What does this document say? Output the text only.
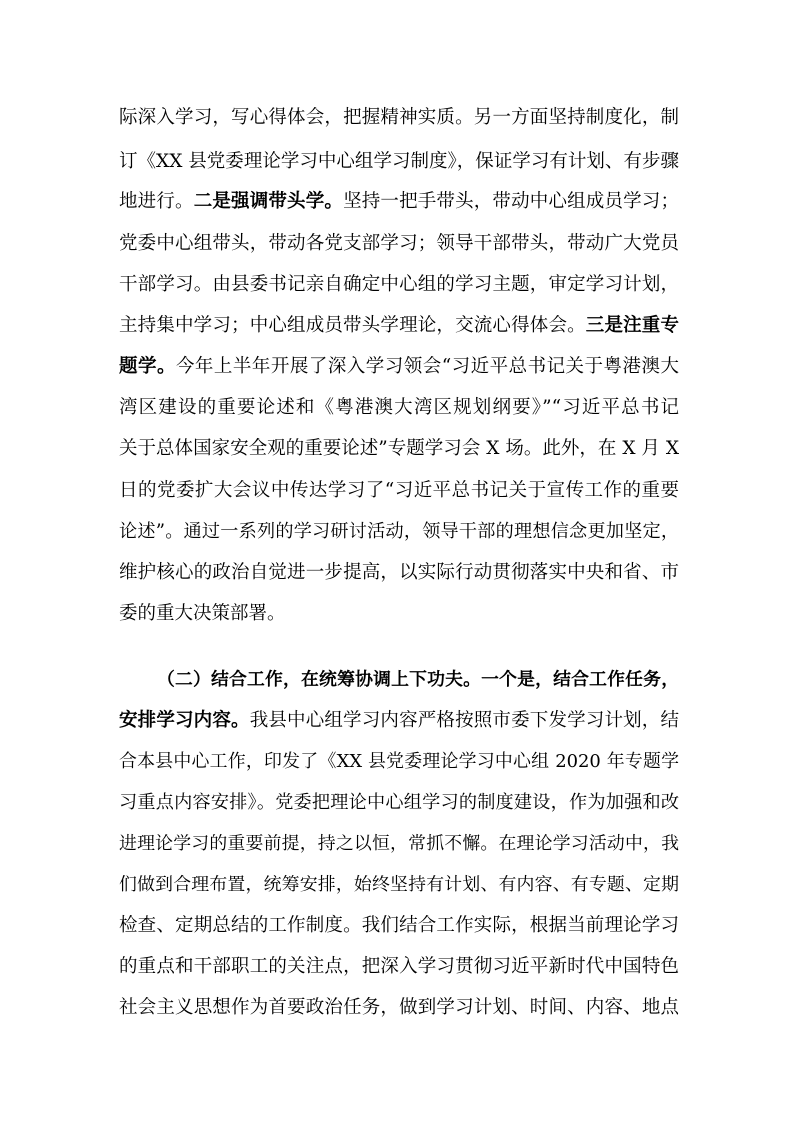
际深入学习，写心得体会，把握精神实质。另一方面坚持制度化，制
订《XX 县党委理论学习中心组学习制度》，保证学习有计划、有步骤
地进行。二是强调带头学。坚持一把手带头，带动中心组成员学习；
党委中心组带头，带动各党支部学习；领导干部带头，带动广大党员
干部学习。由县委书记亲自确定中心组的学习主题，审定学习计划，
主持集中学习；中心组成员带头学理论，交流心得体会。三是注重专
题学。今年上半年开展了深入学习领会“习近平总书记关于粤港澳大
湾区建设的重要论述和《粤港澳大湾区规划纲要》”“习近平总书记
关于总体国家安全观的重要论述”专题学习会 X 场。此外，在 X 月 X
日的党委扩大会议中传达学习了“习近平总书记关于宣传工作的重要
论述”。通过一系列的学习研讨活动，领导干部的理想信念更加坚定，
维护核心的政治自觉进一步提高，以实际行动贯彻落实中央和省、市
委的重大决策部署。
（二）结合工作，在统筹协调上下功夫。一个是，结合工作任务，
安排学习内容。我县中心组学习内容严格按照市委下发学习计划，结
合本县中心工作，印发了《XX 县党委理论学习中心组 2020 年专题学
习重点内容安排》。党委把理论中心组学习的制度建设，作为加强和改
进理论学习的重要前提，持之以恒，常抓不懈。在理论学习活动中，我
们做到合理布置，统筹安排，始终坚持有计划、有内容、有专题、定期
检查、定期总结的工作制度。我们结合工作实际，根据当前理论学习
的重点和干部职工的关注点，把深入学习贯彻习近平新时代中国特色
社会主义思想作为首要政治任务，做到学习计划、时间、内容、地点
